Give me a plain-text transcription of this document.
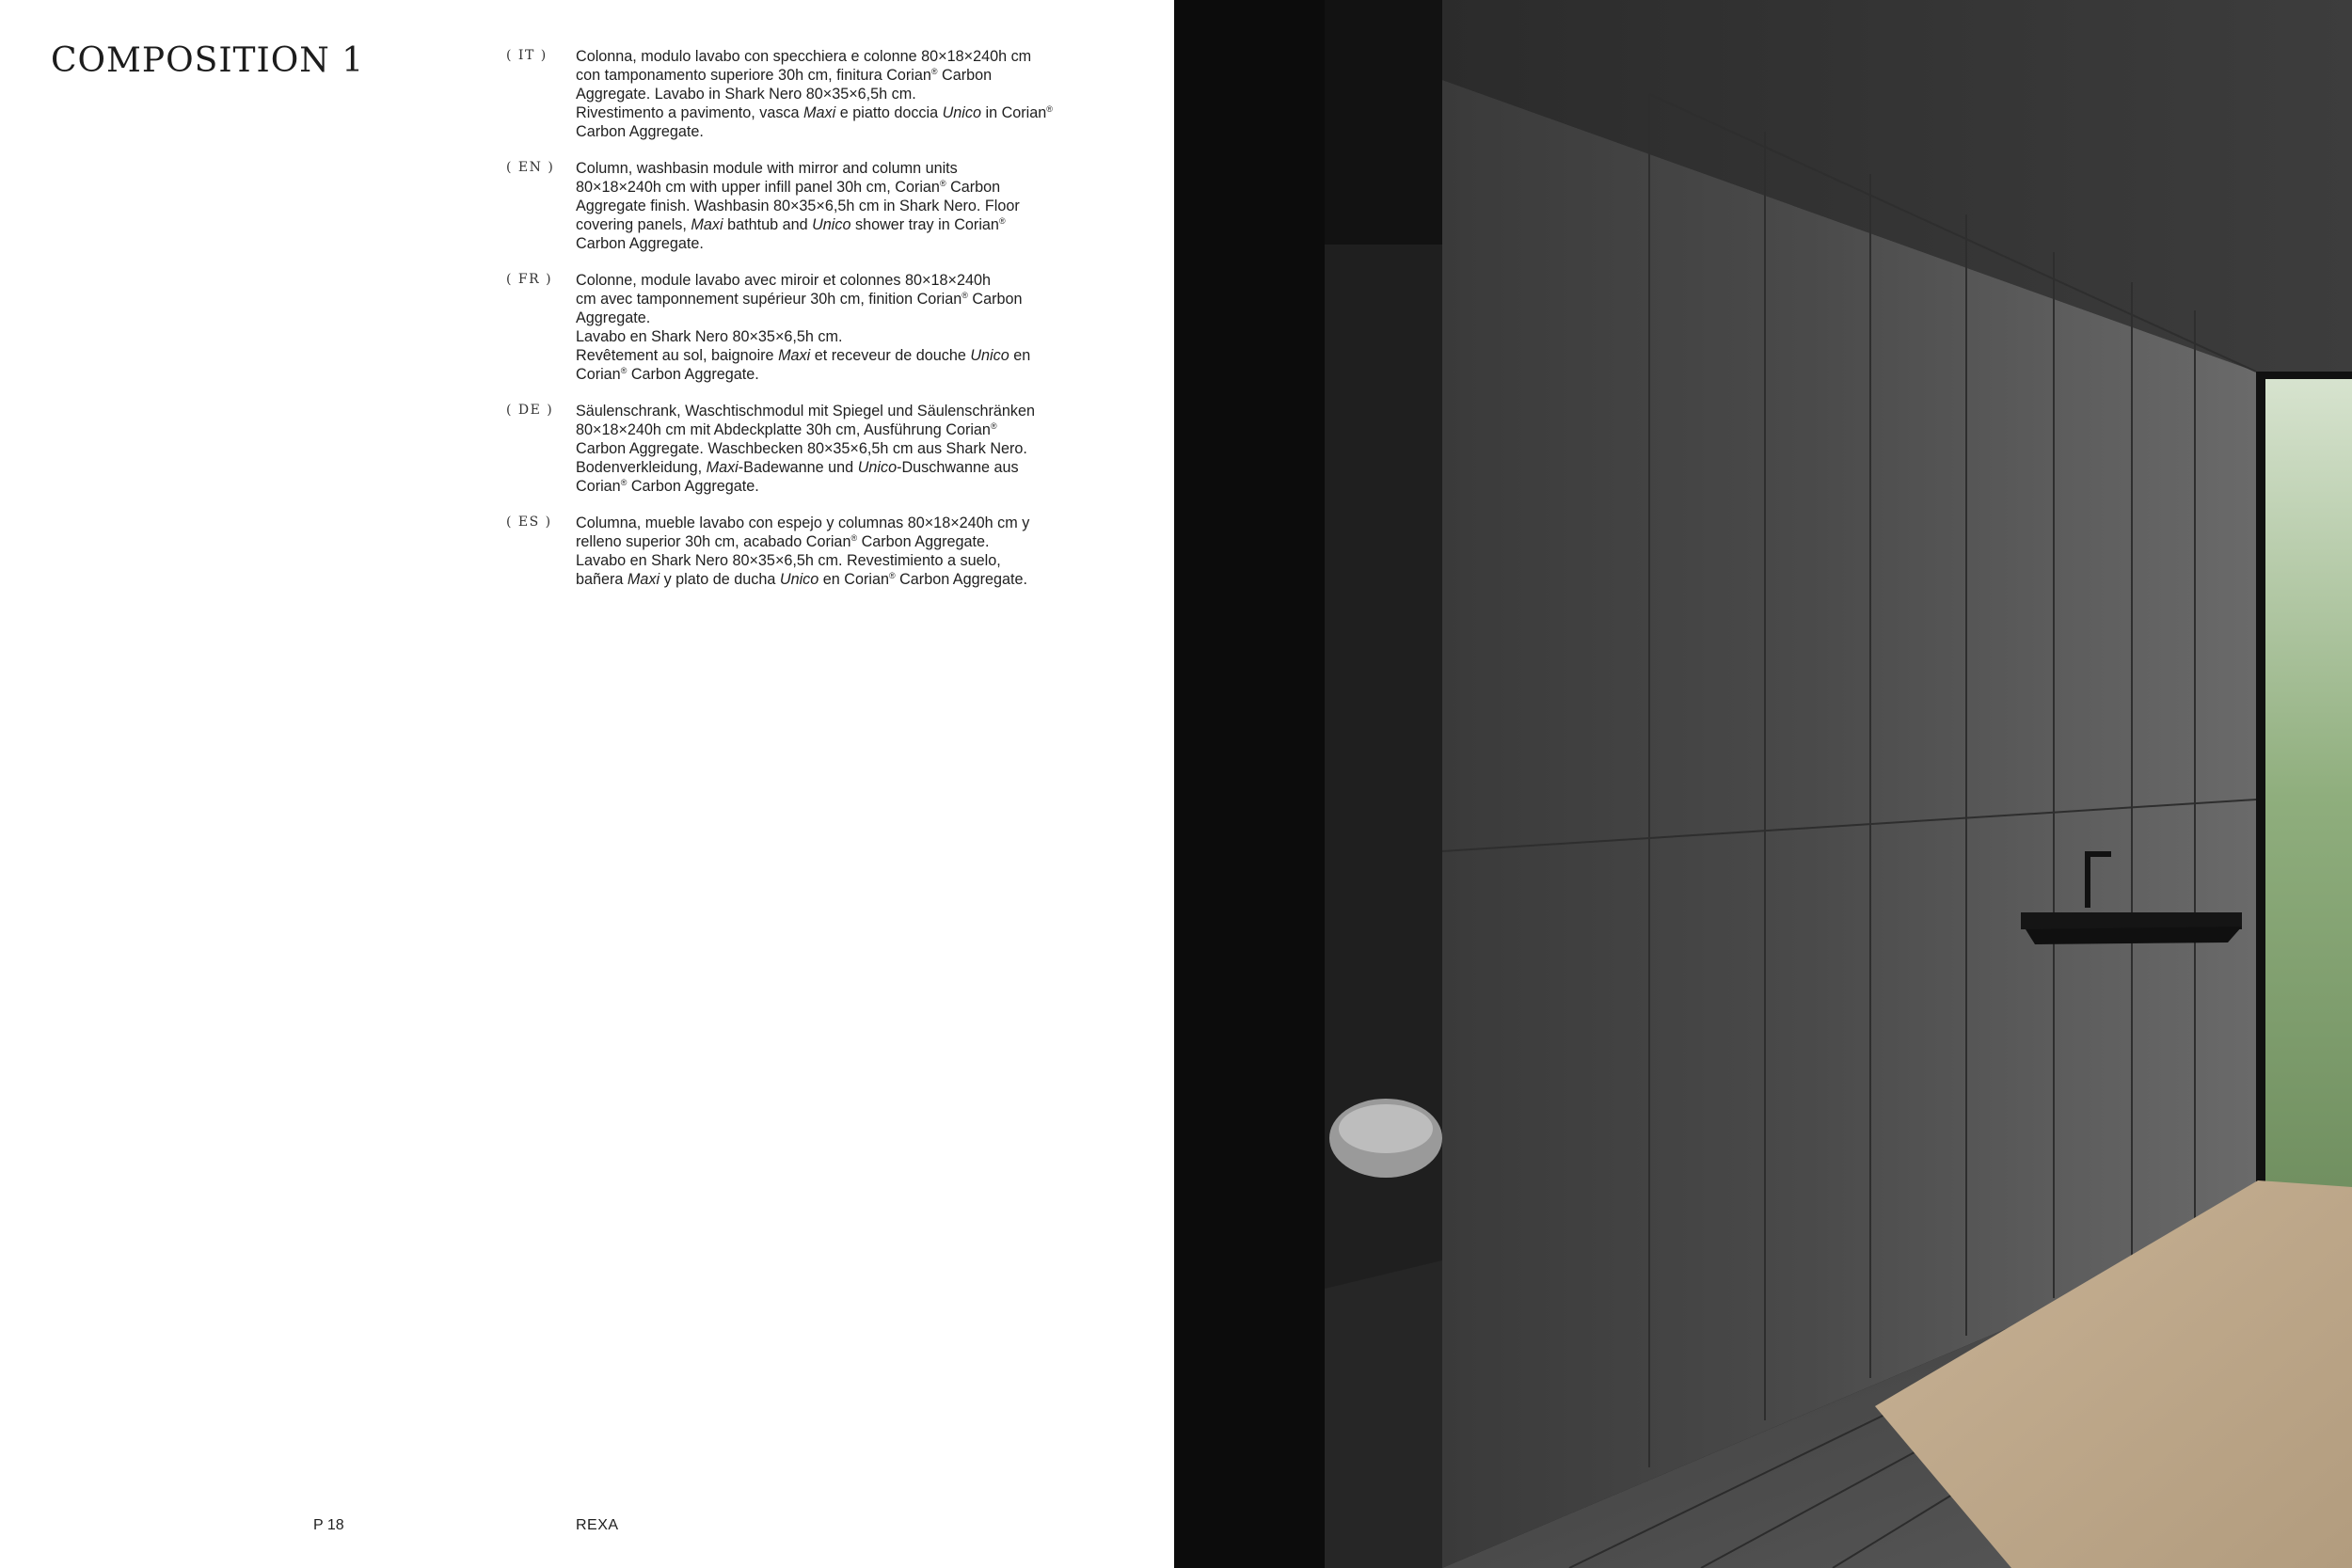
COMPOSITION 1	( IT ) Colonna, modulo lavabo con specchiera e colonne 80×18×240h cm
con tamponamento superiore 30h cm, finitura Corian® Carbon
Aggregate. Lavabo in Shark Nero 80×35×6,5h cm.
Rivestimento a pavimento, vasca Maxi e piatto doccia Unico in Corian®
Carbon Aggregate.
( EN ) Column, washbasin module with mirror and column units
80×18×240h cm with upper infill panel 30h cm, Corian® Carbon
Aggregate finish. Washbasin 80×35×6,5h cm in Shark Nero. Floor
covering panels, Maxi bathtub and Unico shower tray in Corian®
Carbon Aggregate.
( FR ) Colonne, module lavabo avec miroir et colonnes 80×18×240h
cm avec tamponnement supérieur 30h cm, finition Corian® Carbon
Aggregate.
Lavabo en Shark Nero 80×35×6,5h cm.
Revêtement au sol, baignoire Maxi et receveur de douche Unico en
Corian® Carbon Aggregate.
( DE ) Säulenschrank, Waschtischmodul mit Spiegel und Säulenschränken
80×18×240h cm mit Abdeckplatte 30h cm, Ausführung Corian®
Carbon Aggregate. Waschbecken 80×35×6,5h cm aus Shark Nero.
Bodenverkleidung, Maxi-Badewanne und Unico-Duschwanne aus
Corian® Carbon Aggregate.
( ES ) Columna, mueble lavabo con espejo y columnas 80×18×240h cm y
relleno superior 30h cm, acabado Corian® Carbon Aggregate.
Lavabo en Shark Nero 80×35×6,5h cm. Revestimiento a suelo,
bañera Maxi y plato de ducha Unico en Corian® Carbon Aggregate.
P 18	REXA
